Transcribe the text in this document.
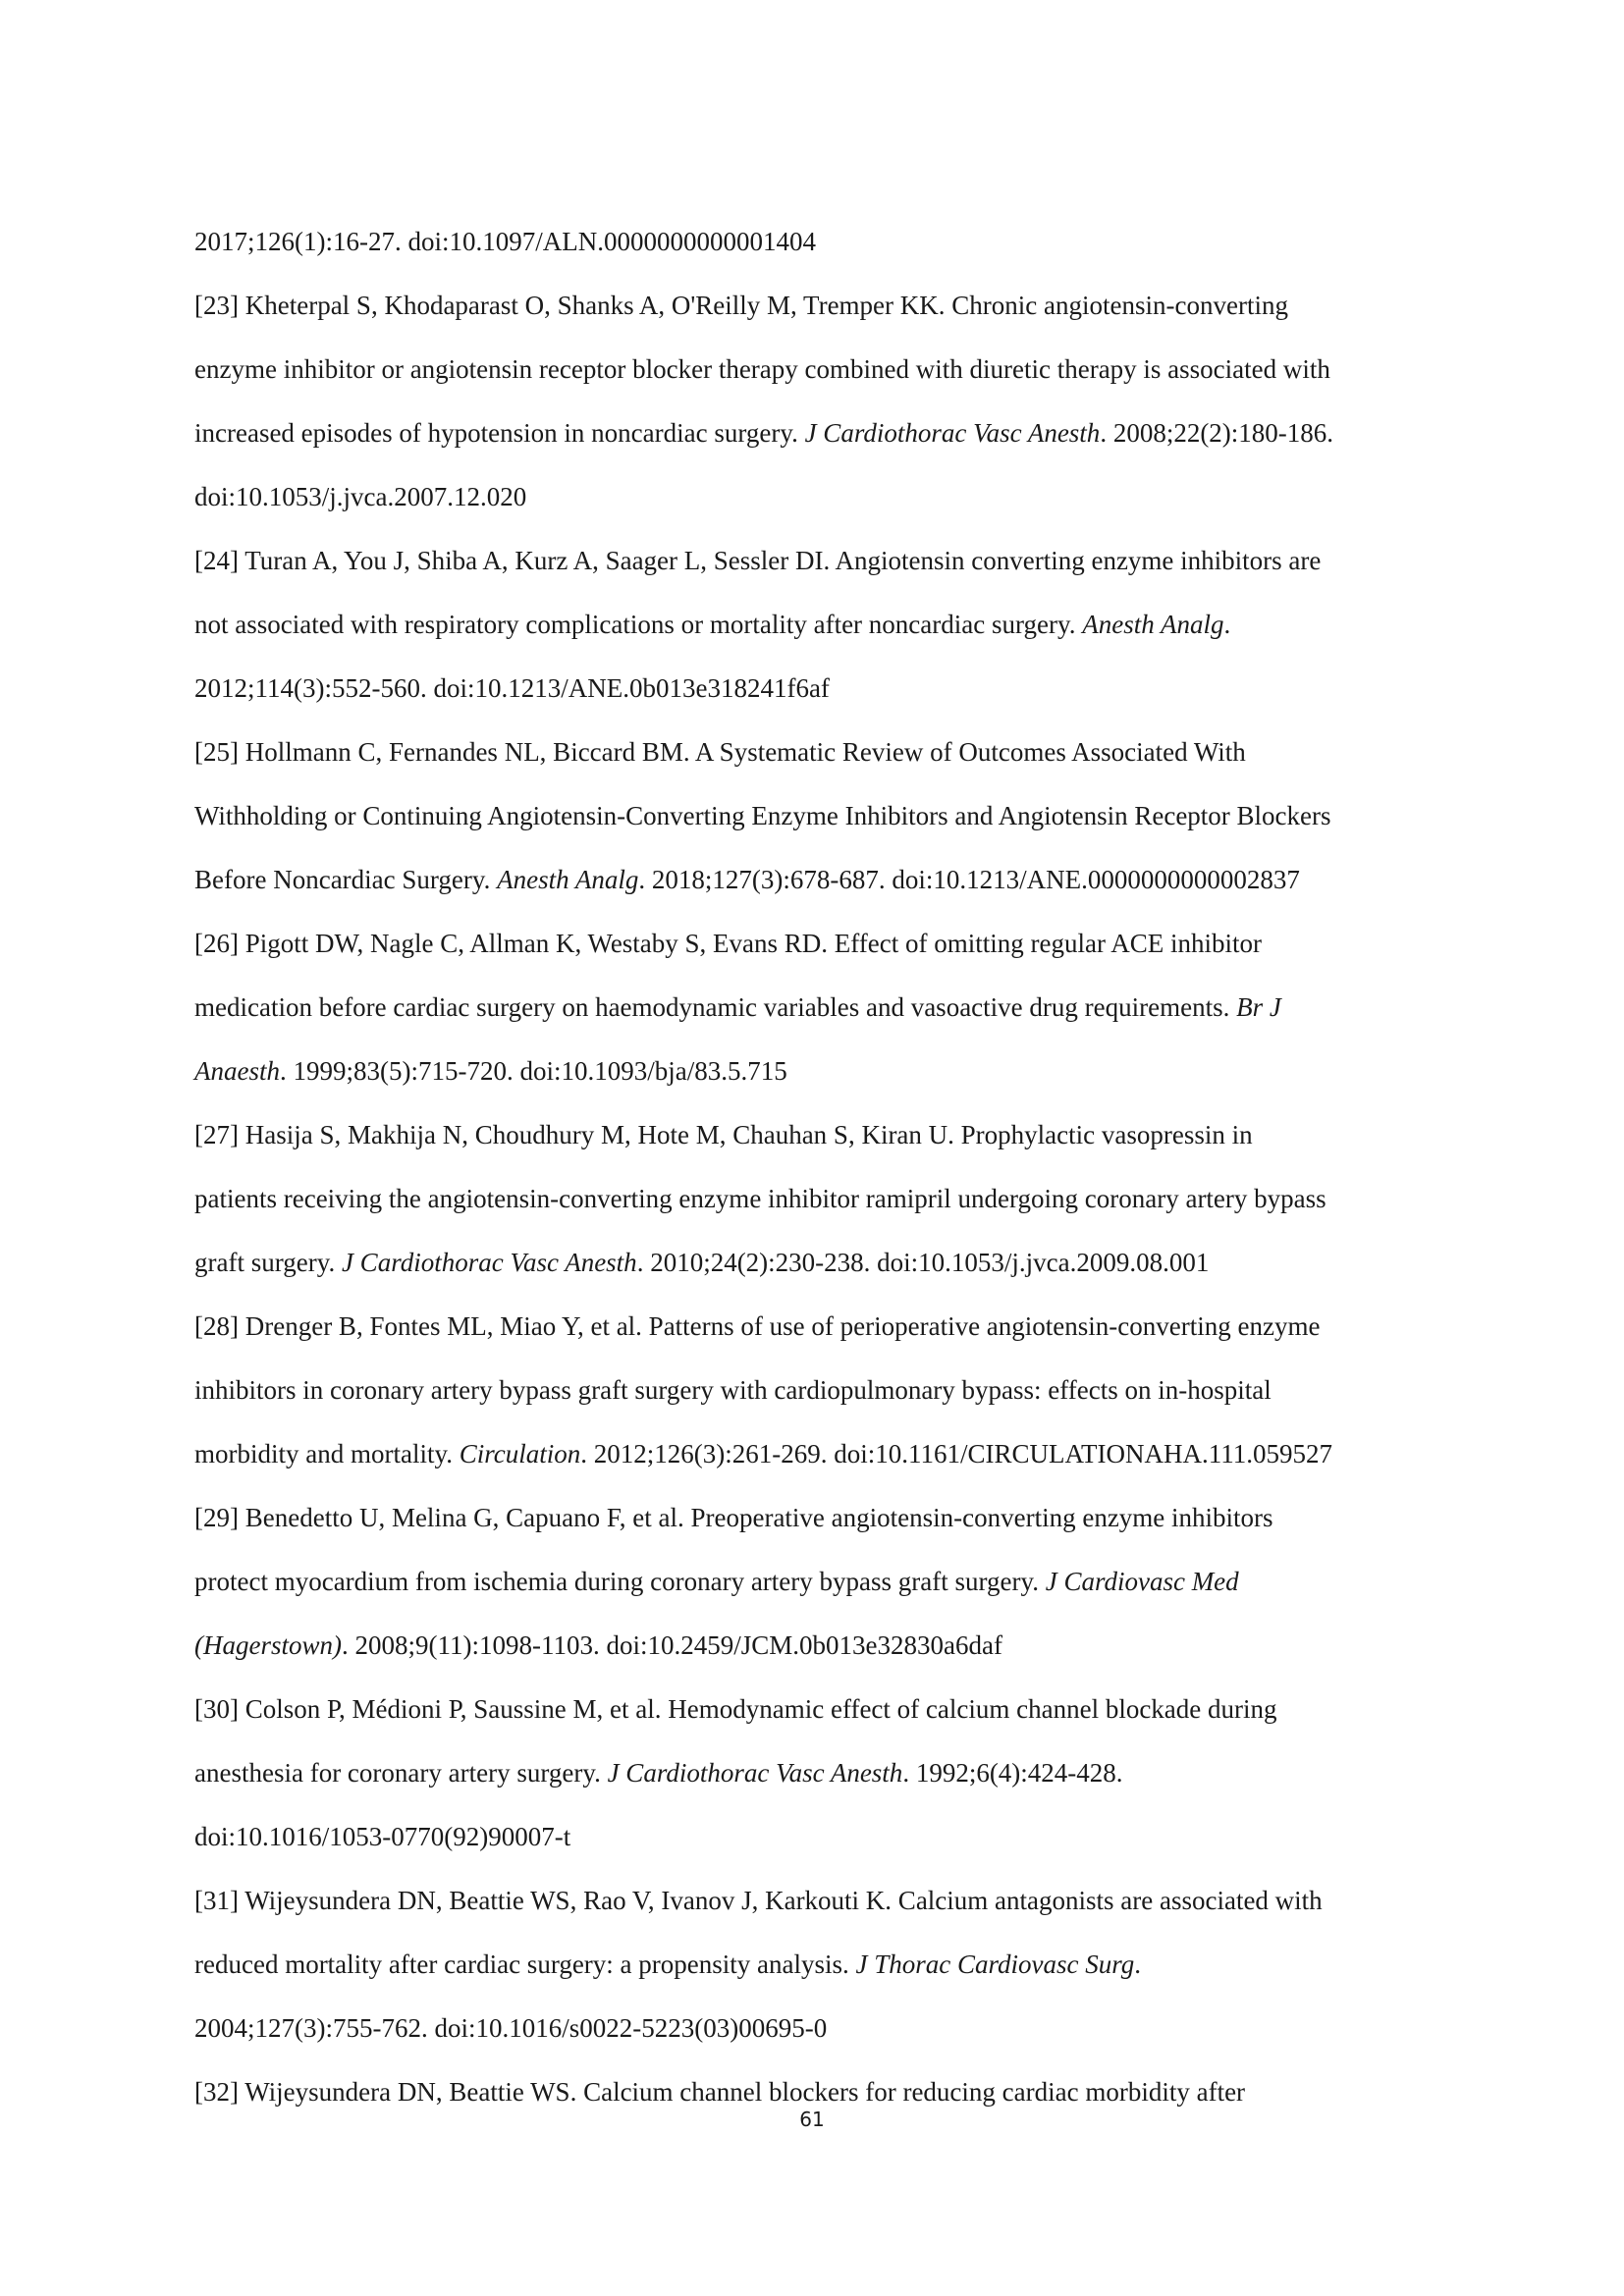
2017;126(1):16-27. doi:10.1097/ALN.0000000000001404
[23] Kheterpal S, Khodaparast O, Shanks A, O'Reilly M, Tremper KK. Chronic angiotensin-converting
enzyme inhibitor or angiotensin receptor blocker therapy combined with diuretic therapy is associated with
increased episodes of hypotension in noncardiac surgery. J Cardiothorac Vasc Anesth. 2008;22(2):180-186.
doi:10.1053/j.jvca.2007.12.020
[24] Turan A, You J, Shiba A, Kurz A, Saager L, Sessler DI. Angiotensin converting enzyme inhibitors are
not associated with respiratory complications or mortality after noncardiac surgery. Anesth Analg.
2012;114(3):552-560. doi:10.1213/ANE.0b013e318241f6af
[25] Hollmann C, Fernandes NL, Biccard BM. A Systematic Review of Outcomes Associated With
Withholding or Continuing Angiotensin-Converting Enzyme Inhibitors and Angiotensin Receptor Blockers
Before Noncardiac Surgery. Anesth Analg. 2018;127(3):678-687. doi:10.1213/ANE.0000000000002837
[26] Pigott DW, Nagle C, Allman K, Westaby S, Evans RD. Effect of omitting regular ACE inhibitor
medication before cardiac surgery on haemodynamic variables and vasoactive drug requirements. Br J
Anaesth. 1999;83(5):715-720. doi:10.1093/bja/83.5.715
[27] Hasija S, Makhija N, Choudhury M, Hote M, Chauhan S, Kiran U. Prophylactic vasopressin in
patients receiving the angiotensin-converting enzyme inhibitor ramipril undergoing coronary artery bypass
graft surgery. J Cardiothorac Vasc Anesth. 2010;24(2):230-238. doi:10.1053/j.jvca.2009.08.001
[28] Drenger B, Fontes ML, Miao Y, et al. Patterns of use of perioperative angiotensin-converting enzyme
inhibitors in coronary artery bypass graft surgery with cardiopulmonary bypass: effects on in-hospital
morbidity and mortality. Circulation. 2012;126(3):261-269. doi:10.1161/CIRCULATIONAHA.111.059527
[29] Benedetto U, Melina G, Capuano F, et al. Preoperative angiotensin-converting enzyme inhibitors
protect myocardium from ischemia during coronary artery bypass graft surgery. J Cardiovasc Med
(Hagerstown). 2008;9(11):1098-1103. doi:10.2459/JCM.0b013e32830a6daf
[30] Colson P, Médioni P, Saussine M, et al. Hemodynamic effect of calcium channel blockade during
anesthesia for coronary artery surgery. J Cardiothorac Vasc Anesth. 1992;6(4):424-428.
doi:10.1016/1053-0770(92)90007-t
[31] Wijeysundera DN, Beattie WS, Rao V, Ivanov J, Karkouti K. Calcium antagonists are associated with
reduced mortality after cardiac surgery: a propensity analysis. J Thorac Cardiovasc Surg.
2004;127(3):755-762. doi:10.1016/s0022-5223(03)00695-0
[32] Wijeysundera DN, Beattie WS. Calcium channel blockers for reducing cardiac morbidity after
61
